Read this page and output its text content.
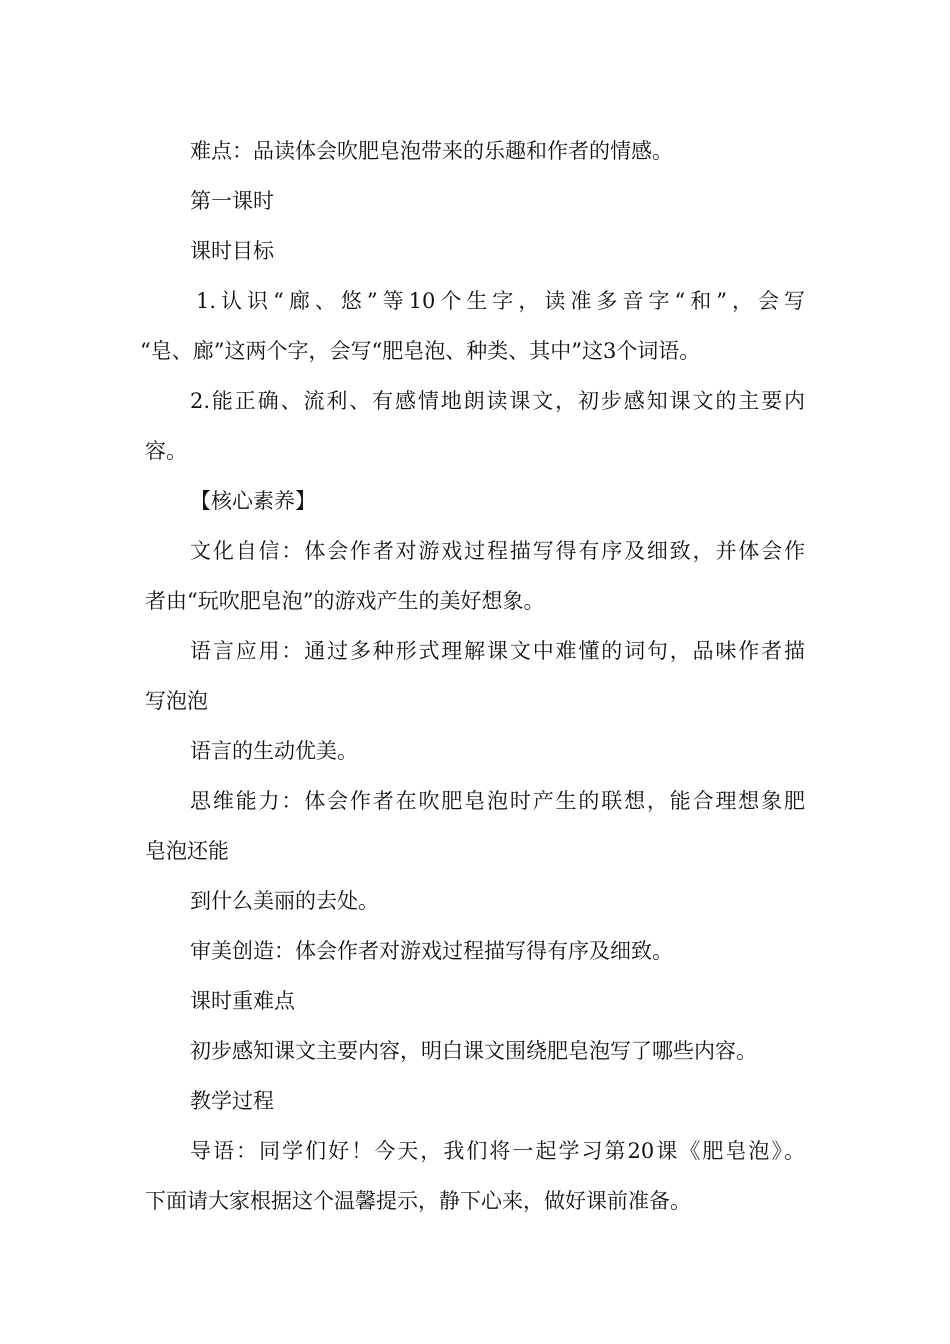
难点：品读体会吹肥皂泡带来的乐趣和作者的情感。
第一课时
课时目标
1.认识“廊、悠”等10个生字，读准多音字“和”，会写
“皂、廊”这两个字，会写“肥皂泡、种类、其中”这3个词语。
2.能正确、流利、有感情地朗读课文，初步感知课文的主要内
容。
【核心素养】
文化自信：体会作者对游戏过程描写得有序及细致，并体会作
者由“玩吹肥皂泡”的游戏产生的美好想象。
语言应用：通过多种形式理解课文中难懂的词句，品味作者描
写泡泡
语言的生动优美。
思维能力：体会作者在吹肥皂泡时产生的联想，能合理想象肥
皂泡还能
到什么美丽的去处。
审美创造：体会作者对游戏过程描写得有序及细致。
课时重难点
初步感知课文主要内容，明白课文围绕肥皂泡写了哪些内容。
教学过程
导语：同学们好！今天，我们将一起学习第20课《肥皂泡》。
下面请大家根据这个温馨提示，静下心来，做好课前准备。
